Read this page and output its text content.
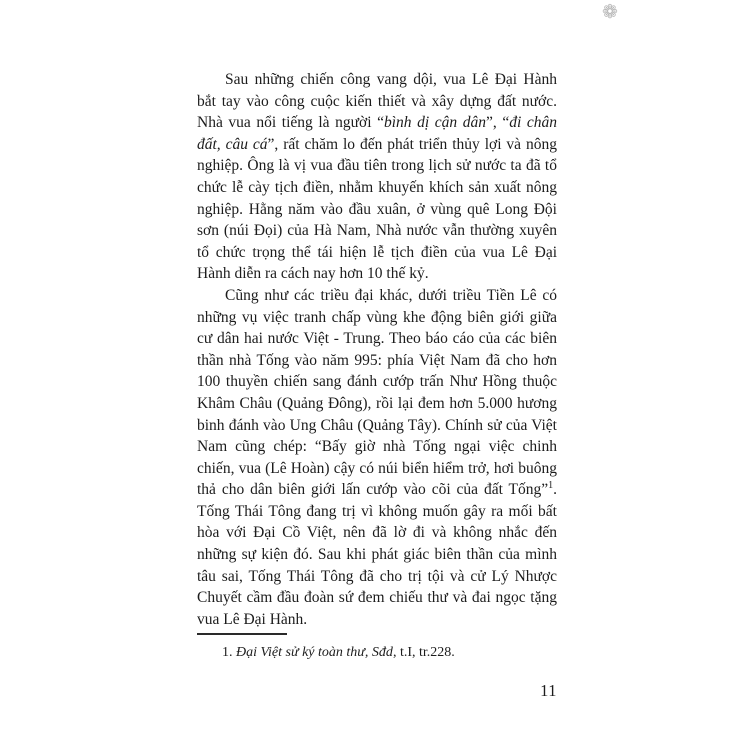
❁

Sau những chiến công vang dội, vua Lê Đại Hành bắt tay vào công cuộc kiến thiết và xây dựng đất nước. Nhà vua nổi tiếng là người “bình dị cận dân”, “đi chân đất, câu cá”, rất chăm lo đến phát triển thủy lợi và nông nghiệp. Ông là vị vua đầu tiên trong lịch sử nước ta đã tổ chức lễ cày tịch điền, nhằm khuyến khích sản xuất nông nghiệp. Hằng năm vào đầu xuân, ở vùng quê Long Đội sơn (núi Đọi) của Hà Nam, Nhà nước vẫn thường xuyên tổ chức trọng thể tái hiện lễ tịch điền của vua Lê Đại Hành diễn ra cách nay hơn 10 thế kỷ.

Cũng như các triều đại khác, dưới triều Tiền Lê có những vụ việc tranh chấp vùng khe động biên giới giữa cư dân hai nước Việt - Trung. Theo báo cáo của các biên thần nhà Tống vào năm 995: phía Việt Nam đã cho hơn 100 thuyền chiến sang đánh cướp trấn Như Hồng thuộc Khâm Châu (Quảng Đông), rồi lại đem hơn 5.000 hương binh đánh vào Ung Châu (Quảng Tây). Chính sử của Việt Nam cũng chép: “Bấy giờ nhà Tống ngại việc chinh chiến, vua (Lê Hoàn) cậy có núi biển hiểm trở, hơi buông thả cho dân biên giới lấn cướp vào cõi của đất Tống”$^1$. Tống Thái Tông đang trị vì không muốn gây ra mối bất hòa với Đại Cồ Việt, nên đã lờ đi và không nhắc đến những sự kiện đó. Sau khi phát giác biên thần của mình tâu sai, Tống Thái Tông đã cho trị tội và cử Lý Nhược Chuyết cầm đầu đoàn sứ đem chiếu thư và đai ngọc tặng vua Lê Đại Hành.

1. Đại Việt sử ký toàn thư, Sđd, t.I, tr.228.

11
